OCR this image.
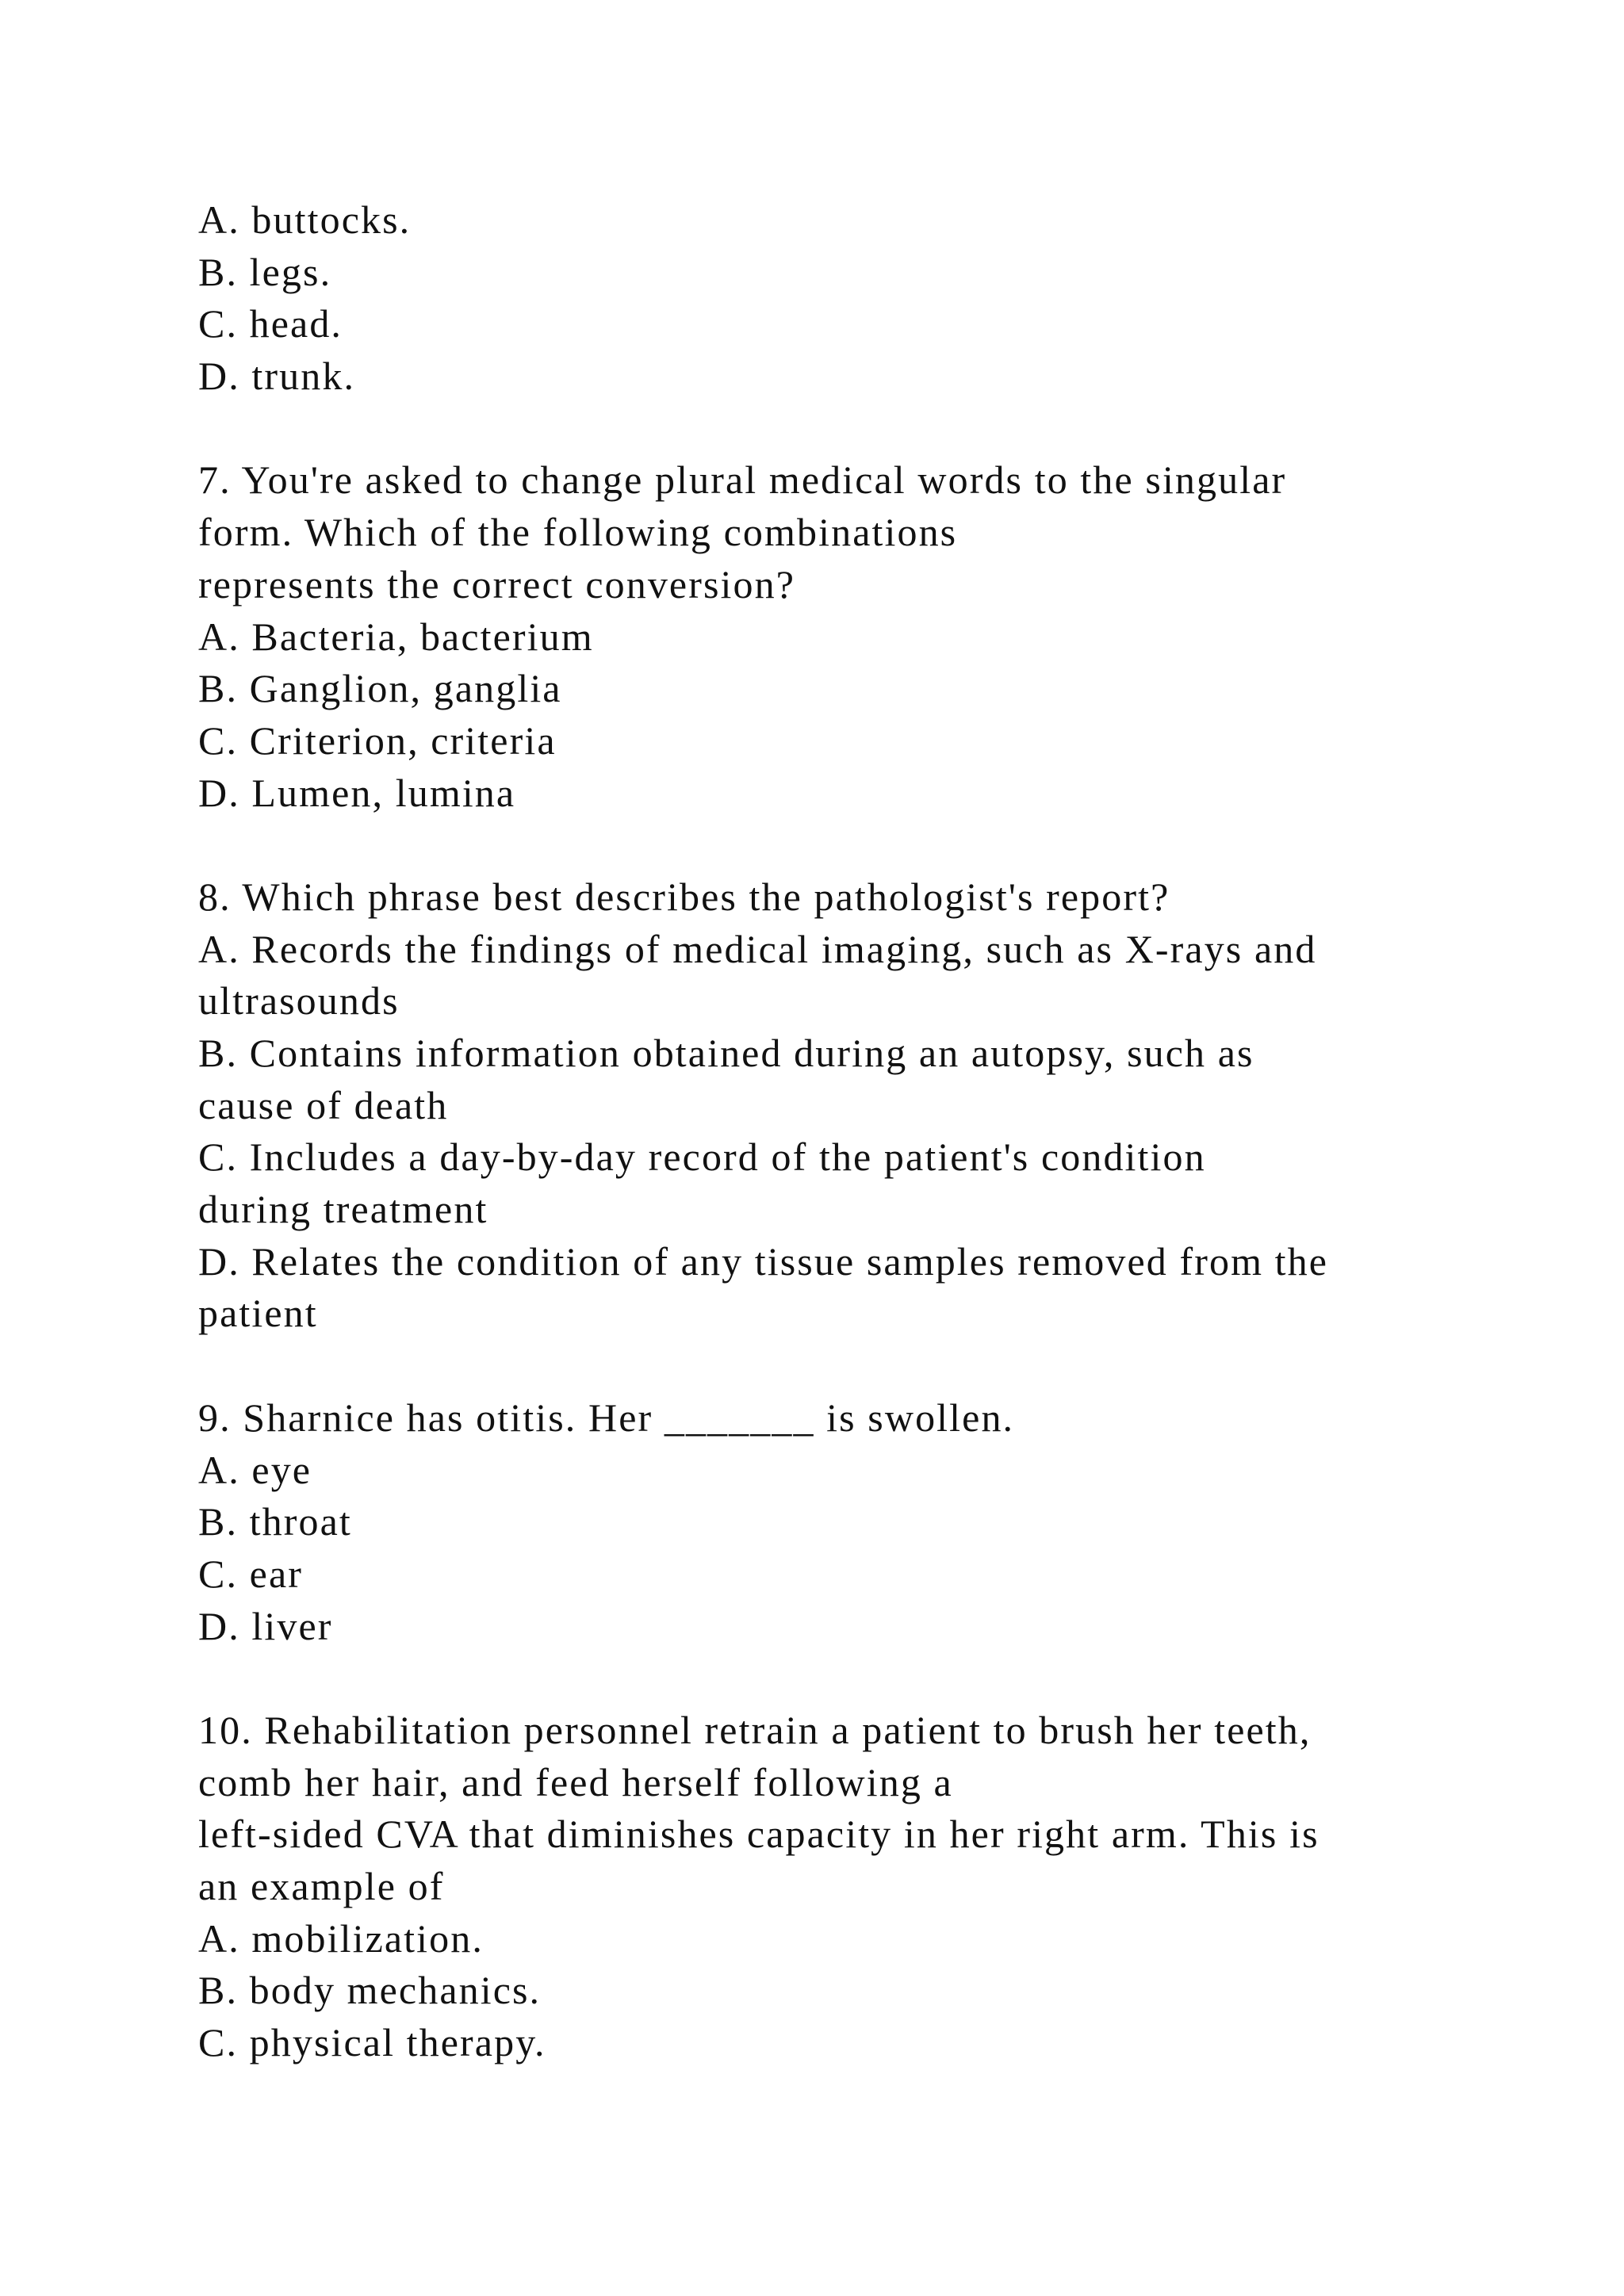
A. buttocks.
B. legs.
C. head.
D. trunk.
7. You're asked to change plural medical words to the singular
form. Which of the following combinations
represents the correct conversion?
A. Bacteria, bacterium
B. Ganglion, ganglia
C. Criterion, criteria
D. Lumen, lumina
8. Which phrase best describes the pathologist's report?
A. Records the findings of medical imaging, such as X-rays and
ultrasounds
B. Contains information obtained during an autopsy, such as
cause of death
C. Includes a day-by-day record of the patient's condition
during treatment
D. Relates the condition of any tissue samples removed from the
patient
9. Sharnice has otitis. Her _______ is swollen.
A. eye
B. throat
C. ear
D. liver
10. Rehabilitation personnel retrain a patient to brush her teeth,
comb her hair, and feed herself following a
left-sided CVA that diminishes capacity in her right arm. This is
an example of
A. mobilization.
B. body mechanics.
C. physical therapy.
